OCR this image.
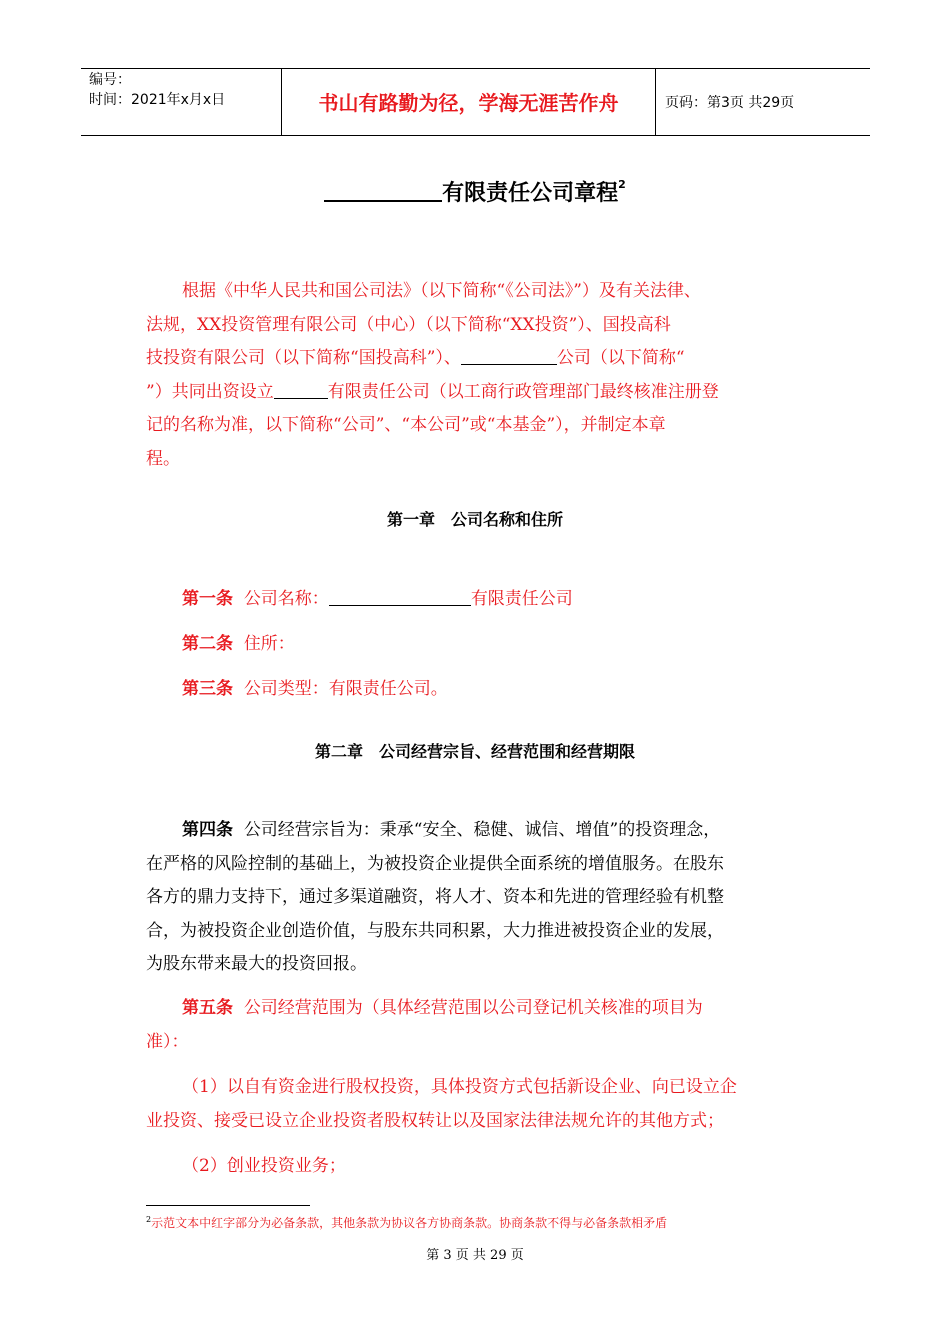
编号：
时间：2021年x月x日	书山有路勤为径，学海无涯苦作舟	页码：第3页 共29页
有限责任公司章程$^2$
根据《中华人民共和国公司法》（以下简称“《公司法》”）及有关法律、
法规，XX投资管理有限公司（中心）（以下简称“XX投资”）、国投高科
技投资有限公司（以下简称“国投高科”）、	公司（以下简称“
”）共同出资设立	有限责任公司（以工商行政管理部门最终核准注册登
记的名称为准，以下简称“公司”、“本公司”或“本基金”），并制定本章
程。
第一章　公司名称和住所
第一条 公司名称：	有限责任公司
第二条 住所：
第三条 公司类型：有限责任公司。
第二章　公司经营宗旨、经营范围和经营期限
第四条 公司经营宗旨为：秉承“安全、稳健、诚信、增值”的投资理念，
在严格的风险控制的基础上，为被投资企业提供全面系统的增值服务。在股东
各方的鼎力支持下，通过多渠道融资，将人才、资本和先进的管理经验有机整
合，为被投资企业创造价值，与股东共同积累，大力推进被投资企业的发展，
为股东带来最大的投资回报。
第五条 公司经营范围为（具体经营范围以公司登记机关核准的项目为
准）：
（1）以自有资金进行股权投资，具体投资方式包括新设企业、向已设立企
业投资、接受已设立企业投资者股权转让以及国家法律法规允许的其他方式；
（2）创业投资业务；
$^2$示范文本中红字部分为必备条款，其他条款为协议各方协商条款。协商条款不得与必备条款相矛盾
第 3 页 共 29 页
